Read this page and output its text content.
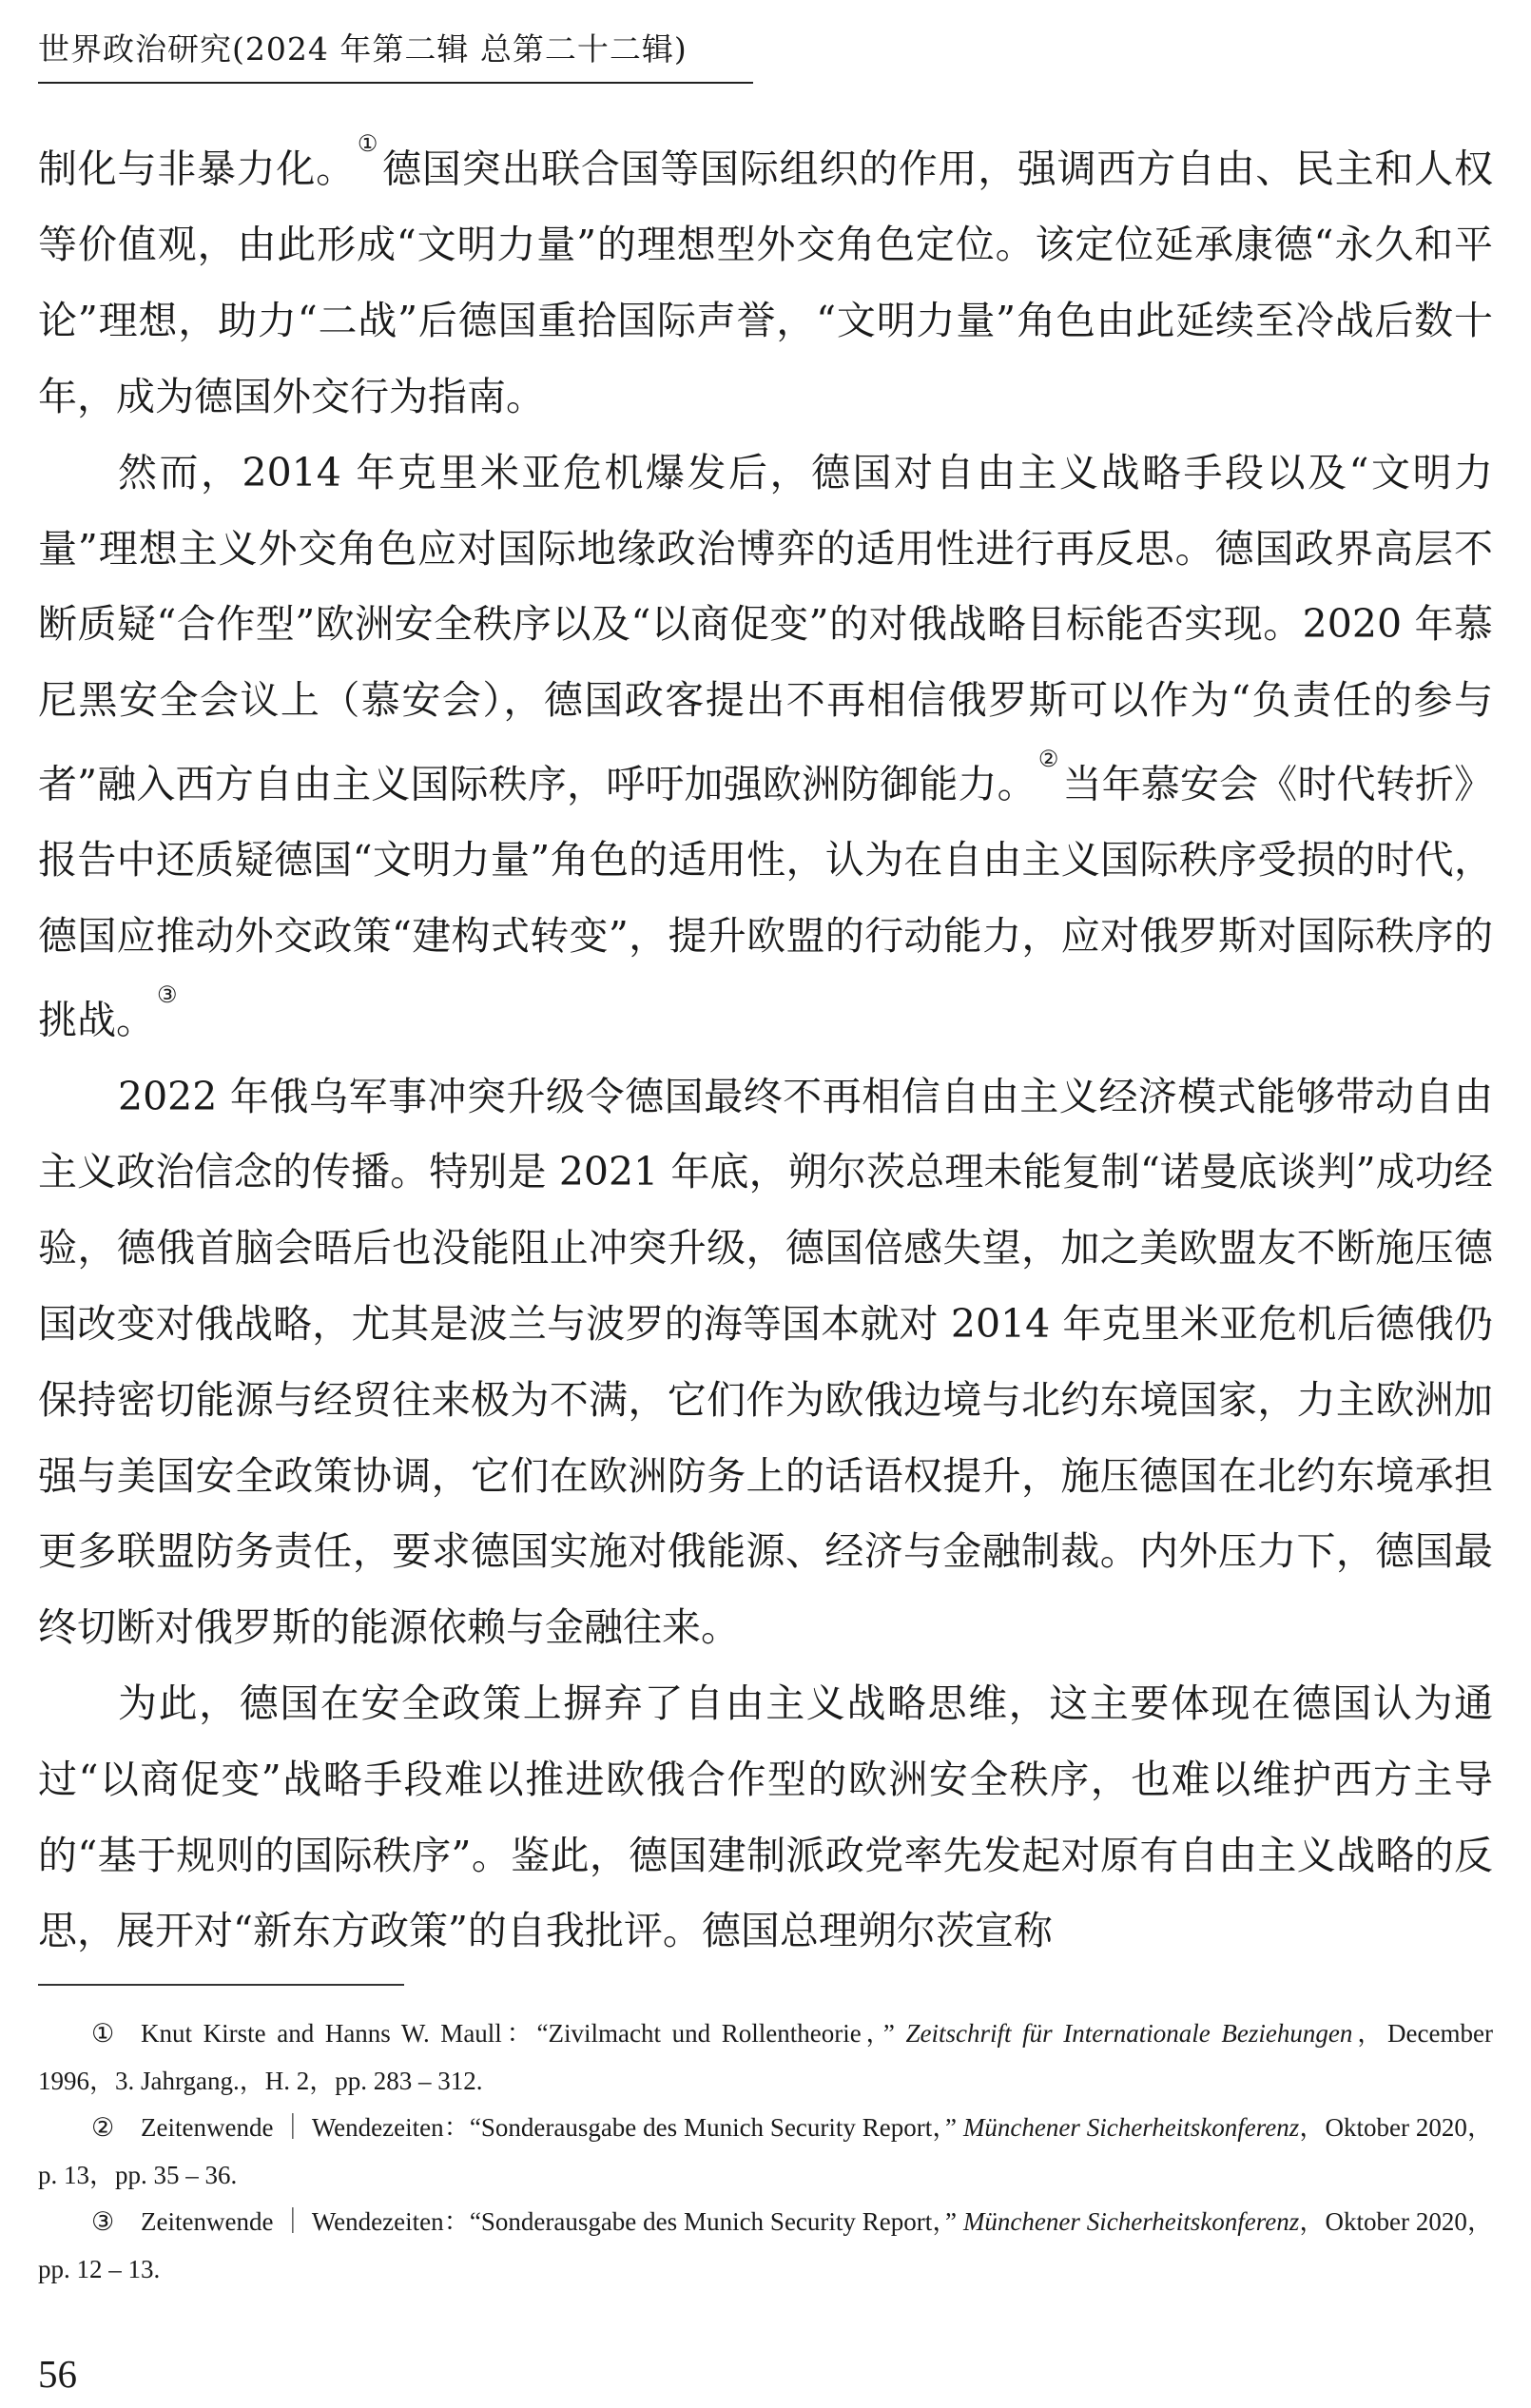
世界政治研究(2024 年第二辑 总第二十二辑)

制化与非暴力化。①德国突出联合国等国际组织的作用，强调西方自由、民主和人权等价值观，由此形成“文明力量”的理想型外交角色定位。该定位延承康德“永久和平论”理想，助力“二战”后德国重拾国际声誉，“文明力量”角色由此延续至冷战后数十年，成为德国外交行为指南。

然而，2014 年克里米亚危机爆发后，德国对自由主义战略手段以及“文明力量”理想主义外交角色应对国际地缘政治博弈的适用性进行再反思。德国政界高层不断质疑“合作型”欧洲安全秩序以及“以商促变”的对俄战略目标能否实现。2020 年慕尼黑安全会议上（慕安会），德国政客提出不再相信俄罗斯可以作为“负责任的参与者”融入西方自由主义国际秩序，呼吁加强欧洲防御能力。②当年慕安会《时代转折》报告中还质疑德国“文明力量”角色的适用性，认为在自由主义国际秩序受损的时代，德国应推动外交政策“建构式转变”，提升欧盟的行动能力，应对俄罗斯对国际秩序的挑战。③

2022 年俄乌军事冲突升级令德国最终不再相信自由主义经济模式能够带动自由主义政治信念的传播。特别是 2021 年底，朔尔茨总理未能复制“诺曼底谈判”成功经验，德俄首脑会晤后也没能阻止冲突升级，德国倍感失望，加之美欧盟友不断施压德国改变对俄战略，尤其是波兰与波罗的海等国本就对 2014 年克里米亚危机后德俄仍保持密切能源与经贸往来极为不满，它们作为欧俄边境与北约东境国家，力主欧洲加强与美国安全政策协调，它们在欧洲防务上的话语权提升，施压德国在北约东境承担更多联盟防务责任，要求德国实施对俄能源、经济与金融制裁。内外压力下，德国最终切断对俄罗斯的能源依赖与金融往来。

为此，德国在安全政策上摒弃了自由主义战略思维，这主要体现在德国认为通过“以商促变”战略手段难以推进欧俄合作型的欧洲安全秩序，也难以维护西方主导的“基于规则的国际秩序”。鉴此，德国建制派政党率先发起对原有自由主义战略的反思，展开对“新东方政策”的自我批评。德国总理朔尔茨宣称

① Knut Kirste and Hanns W. Maull：“Zivilmacht und Rollentheorie，” Zeitschrift für Internationale Beziehungen，December 1996，3. Jahrgang.，H. 2，pp. 283 – 312.

② Zeitenwende ｜ Wendezeiten：“Sonderausgabe des Munich Security Report，” Münchener Sicherheitskonferenz，Oktober 2020，p. 13，pp. 35 – 36.

③ Zeitenwende ｜ Wendezeiten：“Sonderausgabe des Munich Security Report，” Münchener Sicherheitskonferenz，Oktober 2020，pp. 12 – 13.

56
